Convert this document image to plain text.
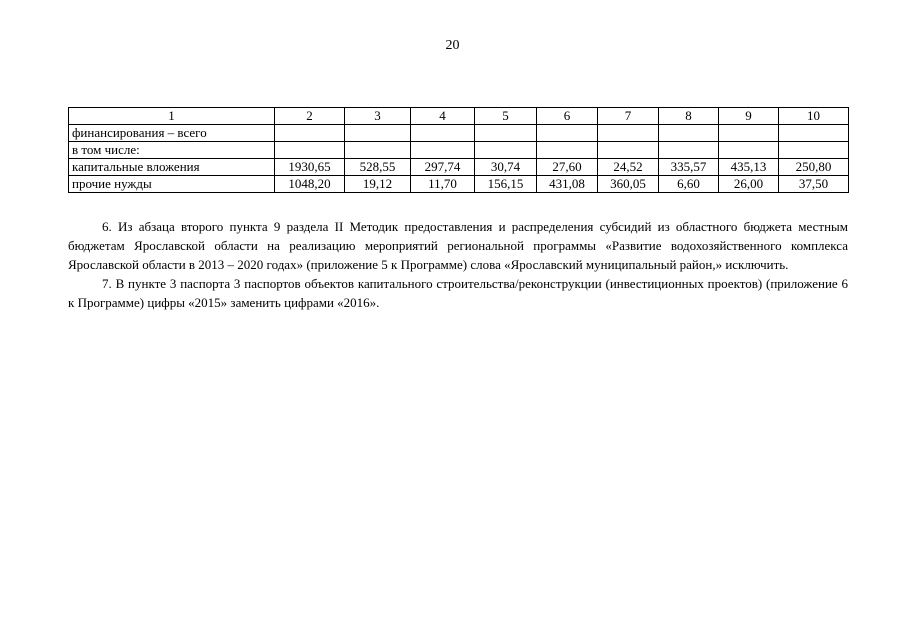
20
1	2	3	4	5	6	7	8	9	10
финансирования – всего									
в том числе:									
капитальные вложения	1930,65	528,55	297,74	30,74	27,60	24,52	335,57	435,13	250,80
прочие нужды	1048,20	19,12	11,70	156,15	431,08	360,05	6,60	26,00	37,50

6. Из абзаца второго пункта 9 раздела II Методик предоставления и распределения субсидий из областного бюджета местным бюджетам Ярославской области на реализацию мероприятий региональной программы «Развитие водохозяйственного комплекса Ярославской области в 2013 – 2020 годах» (приложение 5 к Программе) слова «Ярославский муниципальный район,» исключить.

7. В пункте 3 паспорта 3 паспортов объектов капитального строительства/реконструкции (инвестиционных проектов) (приложение 6 к Программе) цифры «2015» заменить цифрами «2016».
